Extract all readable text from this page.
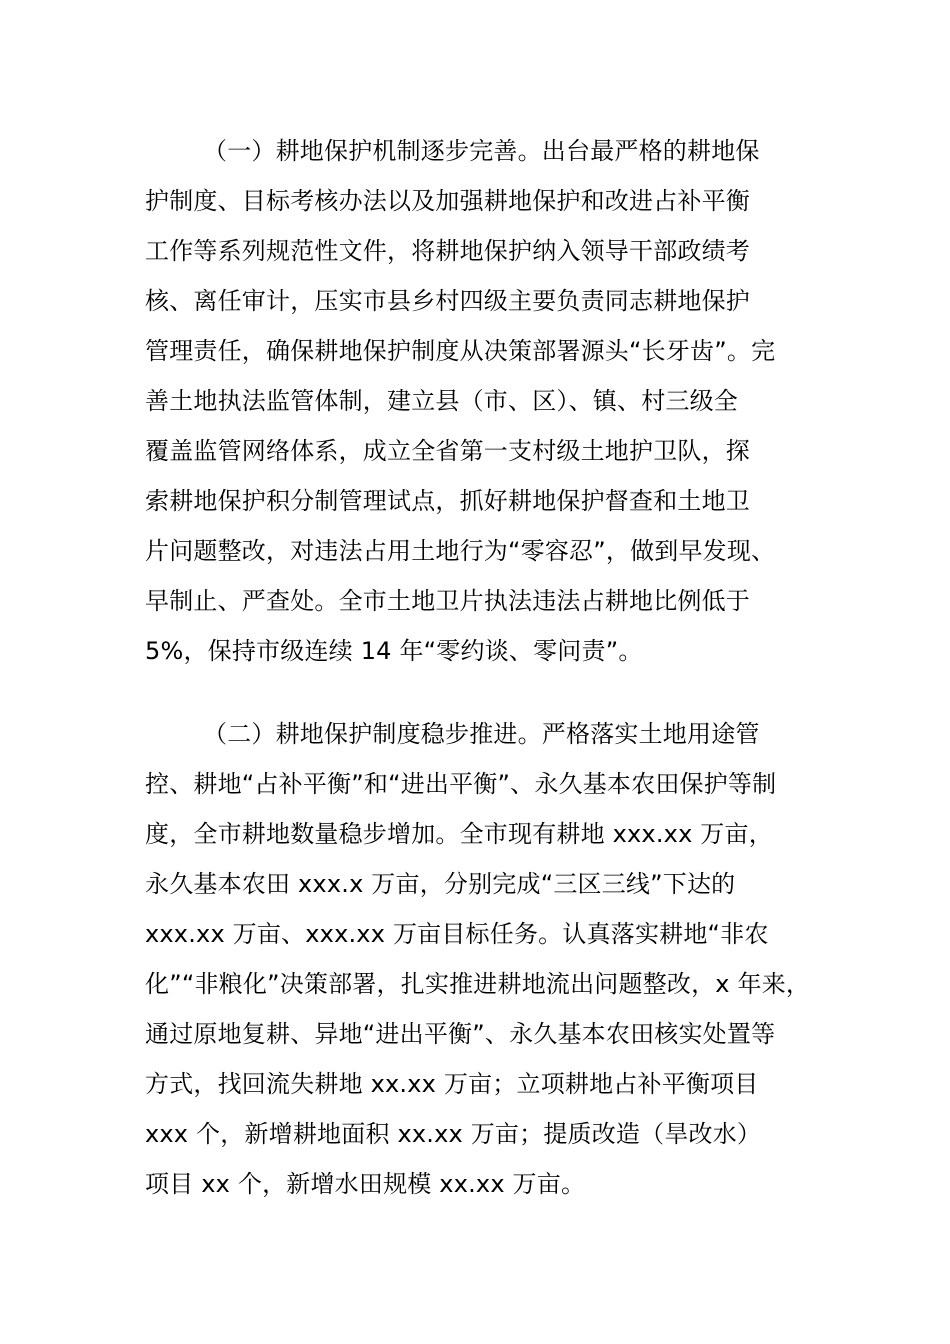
（一）耕地保护机制逐步完善。出台最严格的耕地保
护制度、目标考核办法以及加强耕地保护和改进占补平衡
工作等系列规范性文件，将耕地保护纳入领导干部政绩考
核、离任审计，压实市县乡村四级主要负责同志耕地保护
管理责任，确保耕地保护制度从决策部署源头“长牙齿”。完
善土地执法监管体制，建立县（市、区）、镇、村三级全
覆盖监管网络体系，成立全省第一支村级土地护卫队，探
索耕地保护积分制管理试点，抓好耕地保护督查和土地卫
片问题整改，对违法占用土地行为“零容忍”，做到早发现、
早制止、严查处。全市土地卫片执法违法占耕地比例低于
5%，保持市级连续 14 年“零约谈、零问责”。
（二）耕地保护制度稳步推进。严格落实土地用途管
控、耕地“占补平衡”和“进出平衡”、永久基本农田保护等制
度，全市耕地数量稳步增加。全市现有耕地 xxx.xx 万亩，
永久基本农田 xxx.x 万亩，分别完成“三区三线”下达的
xxx.xx 万亩、xxx.xx 万亩目标任务。认真落实耕地“非农
化”“非粮化”决策部署，扎实推进耕地流出问题整改，x 年来，
通过原地复耕、异地“进出平衡”、永久基本农田核实处置等
方式，找回流失耕地 xx.xx 万亩；立项耕地占补平衡项目
xxx 个，新增耕地面积 xx.xx 万亩；提质改造（旱改水）
项目 xx 个，新增水田规模 xx.xx 万亩。
